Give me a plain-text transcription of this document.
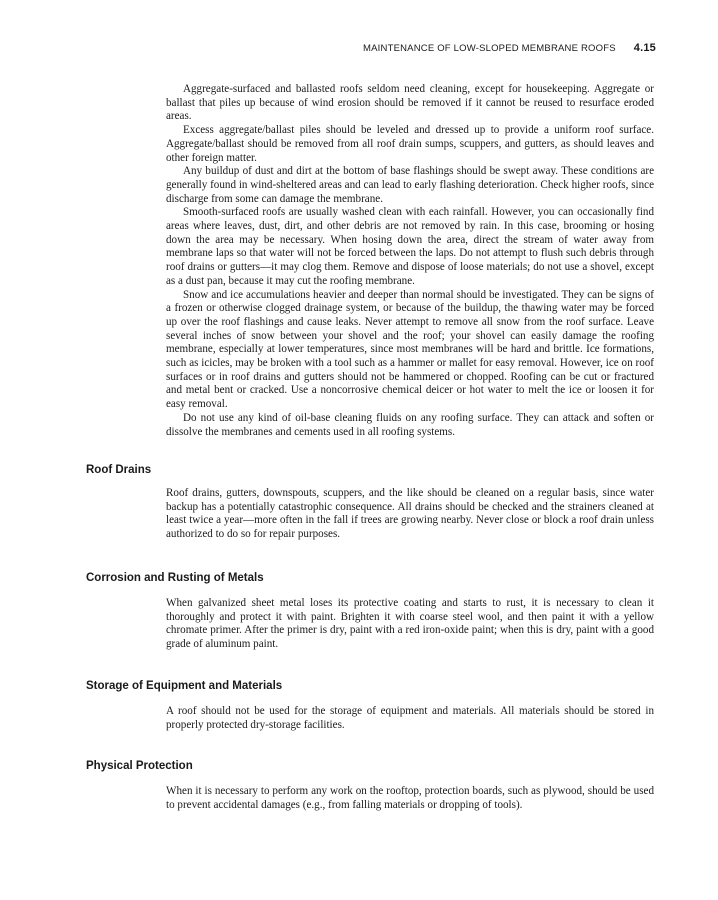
MAINTENANCE OF LOW-SLOPED MEMBRANE ROOFS 4.15

Aggregate-surfaced and ballasted roofs seldom need cleaning, except for housekeeping. Aggregate or ballast that piles up because of wind erosion should be removed if it cannot be reused to resurface eroded areas.

Excess aggregate/ballast piles should be leveled and dressed up to provide a uniform roof surface. Aggregate/ballast should be removed from all roof drain sumps, scuppers, and gutters, as should leaves and other foreign matter.

Any buildup of dust and dirt at the bottom of base flashings should be swept away. These conditions are generally found in wind-sheltered areas and can lead to early flashing deterioration. Check higher roofs, since discharge from some can damage the membrane.

Smooth-surfaced roofs are usually washed clean with each rainfall. However, you can occasionally find areas where leaves, dust, dirt, and other debris are not removed by rain. In this case, brooming or hosing down the area may be necessary. When hosing down the area, direct the stream of water away from membrane laps so that water will not be forced between the laps. Do not attempt to flush such debris through roof drains or gutters—it may clog them. Remove and dispose of loose materials; do not use a shovel, except as a dust pan, because it may cut the roofing membrane.

Snow and ice accumulations heavier and deeper than normal should be investigated. They can be signs of a frozen or otherwise clogged drainage system, or because of the buildup, the thawing water may be forced up over the roof flashings and cause leaks. Never attempt to remove all snow from the roof surface. Leave several inches of snow between your shovel and the roof; your shovel can easily damage the roofing membrane, especially at lower temperatures, since most membranes will be hard and brittle. Ice formations, such as icicles, may be broken with a tool such as a hammer or mallet for easy removal. However, ice on roof surfaces or in roof drains and gutters should not be hammered or chopped. Roofing can be cut or fractured and metal bent or cracked. Use a noncorrosive chemical deicer or hot water to melt the ice or loosen it for easy removal.

Do not use any kind of oil-base cleaning fluids on any roofing surface. They can attack and soften or dissolve the membranes and cements used in all roofing systems.

Roof Drains

Roof drains, gutters, downspouts, scuppers, and the like should be cleaned on a regular basis, since water backup has a potentially catastrophic consequence. All drains should be checked and the strainers cleaned at least twice a year—more often in the fall if trees are growing nearby. Never close or block a roof drain unless authorized to do so for repair purposes.

Corrosion and Rusting of Metals

When galvanized sheet metal loses its protective coating and starts to rust, it is necessary to clean it thoroughly and protect it with paint. Brighten it with coarse steel wool, and then paint it with a yellow chromate primer. After the primer is dry, paint with a red iron-oxide paint; when this is dry, paint with a good grade of aluminum paint.

Storage of Equipment and Materials

A roof should not be used for the storage of equipment and materials. All materials should be stored in properly protected dry-storage facilities.

Physical Protection

When it is necessary to perform any work on the rooftop, protection boards, such as plywood, should be used to prevent accidental damages (e.g., from falling materials or dropping of tools).
